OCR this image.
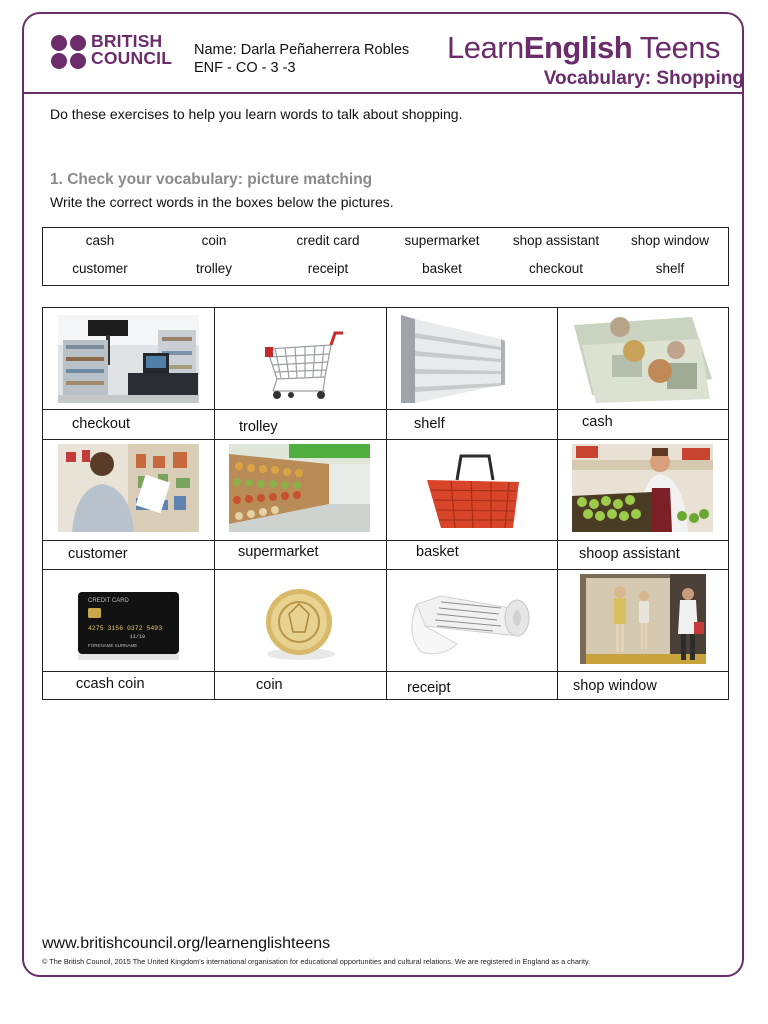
BRITISH
COUNCIL Name: Darla Peñaherrera Robles
ENF - CO - 3 -3
LearnEnglish Teens
Vocabulary: Shopping
Do these exercises to help you learn words to talk about shopping.
1. Check your vocabulary: picture matching
Write the correct words in the boxes below the pictures.
cash	coin	credit card	supermarket	shop assistant	shop window
customer	trolley	receipt	basket	checkout	shelf
checkout	trolley	shelf	cash
customer	supermarket	basket	shoop assistant
CREDIT CARD
4275 3156 0372 5493
11/19
FORENAME SURNAME
ccash coin	coin	receipt	shop window
www.britishcouncil.org/learnenglishteens
© The British Council, 2015 The United Kingdom's international organisation for educational opportunities and cultural relations. We are registered in England as a charity.
